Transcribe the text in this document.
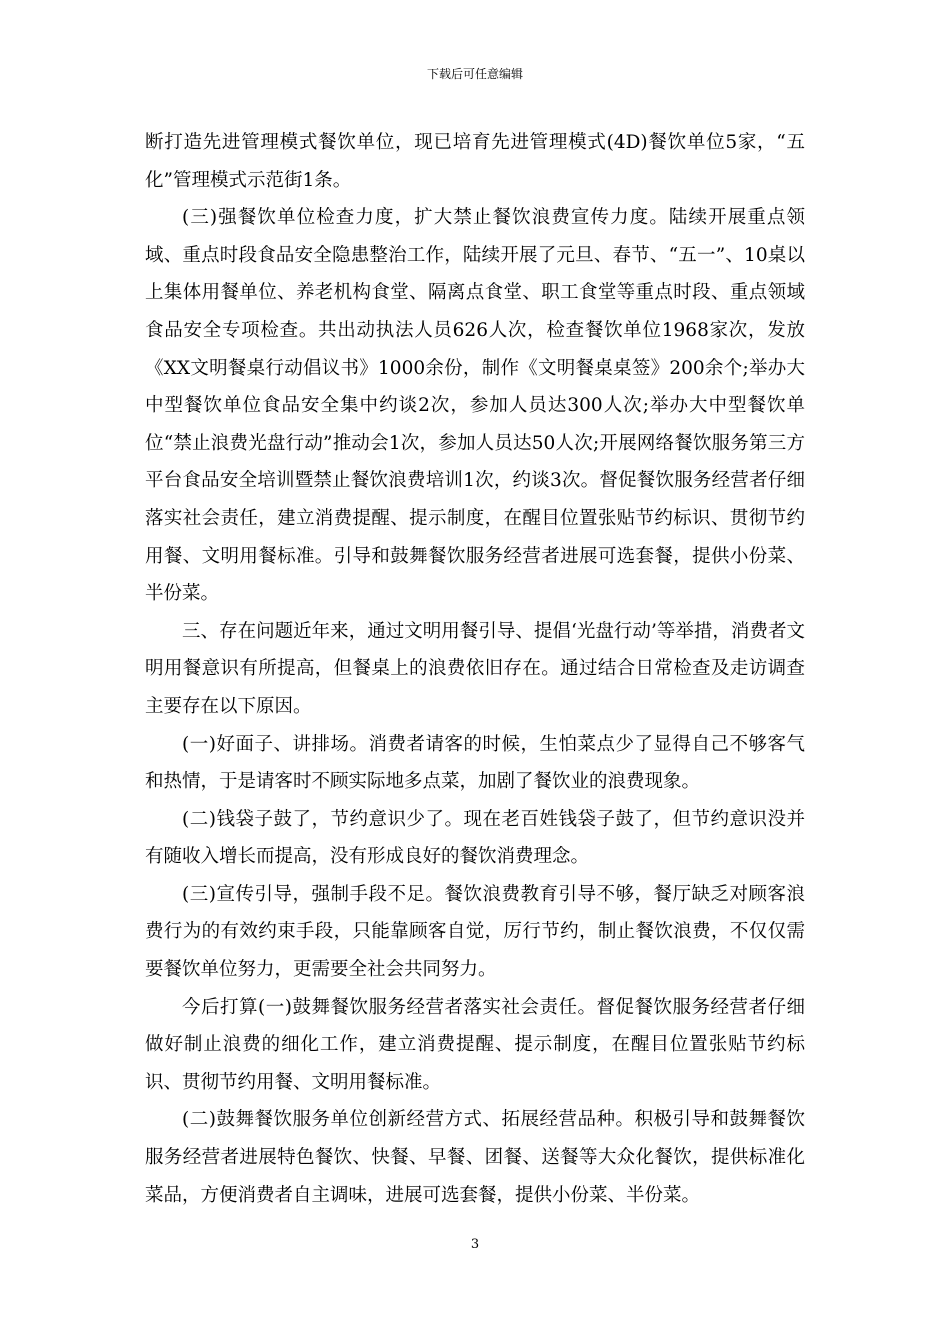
下载后可任意编辑

断打造先进管理模式餐饮单位，现已培育先进管理模式(4D)餐饮单位5家，“五化”管理模式示范街1条。

(三)强餐饮单位检查力度，扩大禁止餐饮浪费宣传力度。陆续开展重点领域、重点时段食品安全隐患整治工作，陆续开展了元旦、春节、“五一”、10桌以上集体用餐单位、养老机构食堂、隔离点食堂、职工食堂等重点时段、重点领域食品安全专项检查。共出动执法人员626人次，检查餐饮单位1968家次，发放《XX文明餐桌行动倡议书》1000余份，制作《文明餐桌桌签》200余个;举办大中型餐饮单位食品安全集中约谈2次，参加人员达300人次;举办大中型餐饮单位“禁止浪费光盘行动”推动会1次，参加人员达50人次;开展网络餐饮服务第三方平台食品安全培训暨禁止餐饮浪费培训1次，约谈3次。督促餐饮服务经营者仔细落实社会责任，建立消费提醒、提示制度，在醒目位置张贴节约标识、贯彻节约用餐、文明用餐标准。引导和鼓舞餐饮服务经营者进展可选套餐，提供小份菜、半份菜。

三、存在问题近年来，通过文明用餐引导、提倡‘光盘行动’等举措，消费者文明用餐意识有所提高，但餐桌上的浪费依旧存在。通过结合日常检查及走访调查主要存在以下原因。

(一)好面子、讲排场。消费者请客的时候，生怕菜点少了显得自己不够客气和热情，于是请客时不顾实际地多点菜，加剧了餐饮业的浪费现象。

(二)钱袋子鼓了，节约意识少了。现在老百姓钱袋子鼓了，但节约意识没并有随收入增长而提高，没有形成良好的餐饮消费理念。

(三)宣传引导，强制手段不足。餐饮浪费教育引导不够，餐厅缺乏对顾客浪费行为的有效约束手段，只能靠顾客自觉，厉行节约，制止餐饮浪费，不仅仅需要餐饮单位努力，更需要全社会共同努力。

今后打算(一)鼓舞餐饮服务经营者落实社会责任。督促餐饮服务经营者仔细做好制止浪费的细化工作，建立消费提醒、提示制度，在醒目位置张贴节约标识、贯彻节约用餐、文明用餐标准。

(二)鼓舞餐饮服务单位创新经营方式、拓展经营品种。积极引导和鼓舞餐饮服务经营者进展特色餐饮、快餐、早餐、团餐、送餐等大众化餐饮，提供标准化菜品，方便消费者自主调味，进展可选套餐，提供小份菜、半份菜。

3
